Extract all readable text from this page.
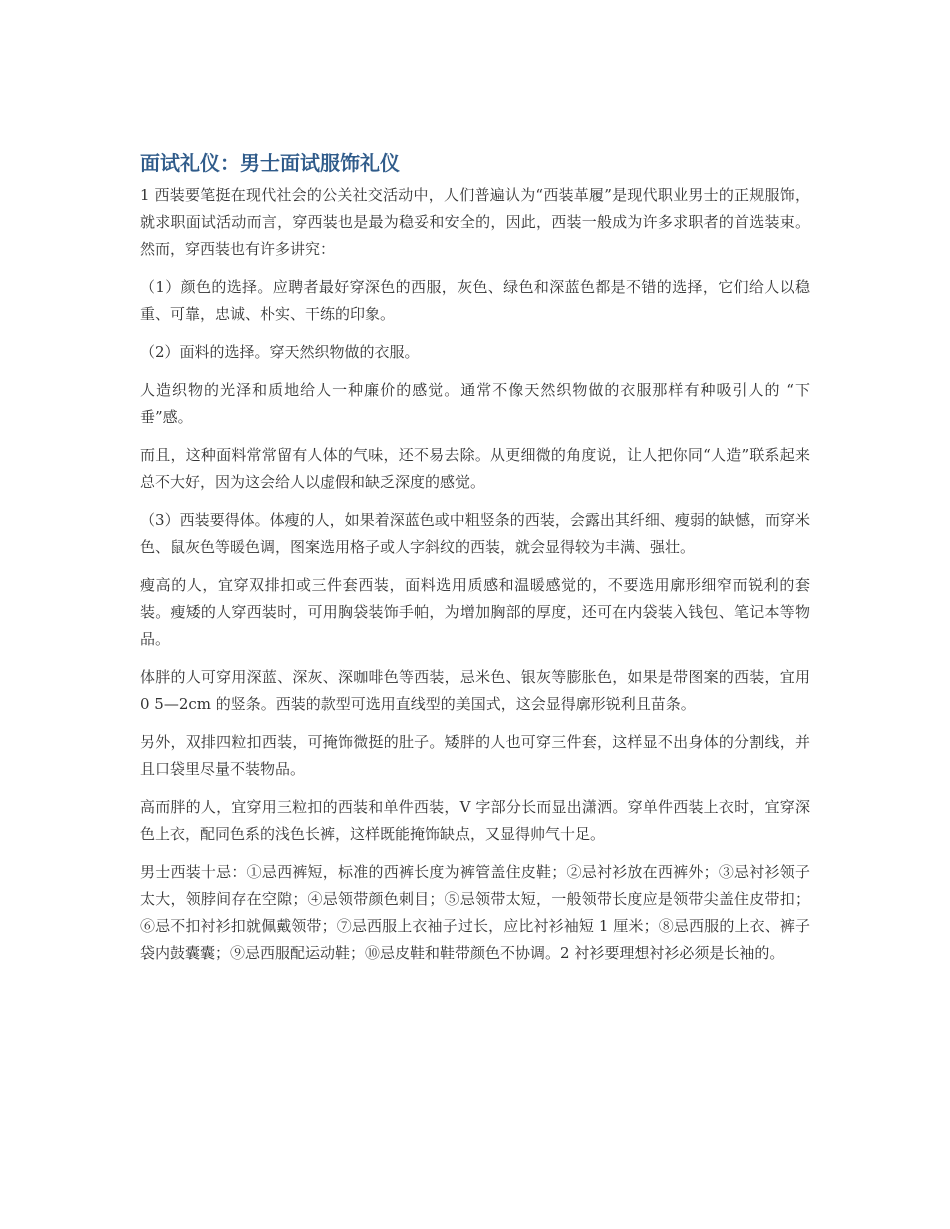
面试礼仪：男士面试服饰礼仪

1 西装要笔挺在现代社会的公关社交活动中，人们普遍认为“西装革履”是现代职业男士的正规服饰，就求职面试活动而言，穿西装也是最为稳妥和安全的，因此，西装一般成为许多求职者的首选装束。然而，穿西装也有许多讲究：

（1）颜色的选择。应聘者最好穿深色的西服，灰色、绿色和深蓝色都是不错的选择，它们给人以稳重、可靠，忠诚、朴实、干练的印象。

（2）面料的选择。穿天然织物做的衣服。

人造织物的光泽和质地给人一种廉价的感觉。通常不像天然织物做的衣服那样有种吸引人的 “下垂”感。

而且，这种面料常常留有人体的气味，还不易去除。从更细微的角度说，让人把你同“人造”联系起来总不大好，因为这会给人以虚假和缺乏深度的感觉。

（3）西装要得体。体瘦的人，如果着深蓝色或中粗竖条的西装，会露出其纤细、瘦弱的缺憾，而穿米色、鼠灰色等暖色调，图案选用格子或人字斜纹的西装，就会显得较为丰满、强壮。

瘦高的人，宜穿双排扣或三件套西装，面料选用质感和温暖感觉的，不要选用廓形细窄而锐利的套装。瘦矮的人穿西装时，可用胸袋装饰手帕，为增加胸部的厚度，还可在内袋装入钱包、笔记本等物品。

体胖的人可穿用深蓝、深灰、深咖啡色等西装，忌米色、银灰等膨胀色，如果是带图案的西装，宜用 0 5—2cm 的竖条。西装的款型可选用直线型的美国式，这会显得廓形锐利且苗条。

另外，双排四粒扣西装，可掩饰微挺的肚子。矮胖的人也可穿三件套，这样显不出身体的分割线，并且口袋里尽量不装物品。

高而胖的人，宜穿用三粒扣的西装和单件西装，V 字部分长而显出潇洒。穿单件西装上衣时，宜穿深色上衣，配同色系的浅色长裤，这样既能掩饰缺点，又显得帅气十足。

男士西装十忌：①忌西裤短，标准的西裤长度为裤管盖住皮鞋；②忌衬衫放在西裤外；③忌衬衫领子太大，领脖间存在空隙；④忌领带颜色刺目；⑤忌领带太短，一般领带长度应是领带尖盖住皮带扣；⑥忌不扣衬衫扣就佩戴领带；⑦忌西服上衣袖子过长，应比衬衫袖短 1 厘米；⑧忌西服的上衣、裤子袋内鼓囊囊；⑨忌西服配运动鞋；⑩忌皮鞋和鞋带颜色不协调。2 衬衫要理想衬衫必须是长袖的。
